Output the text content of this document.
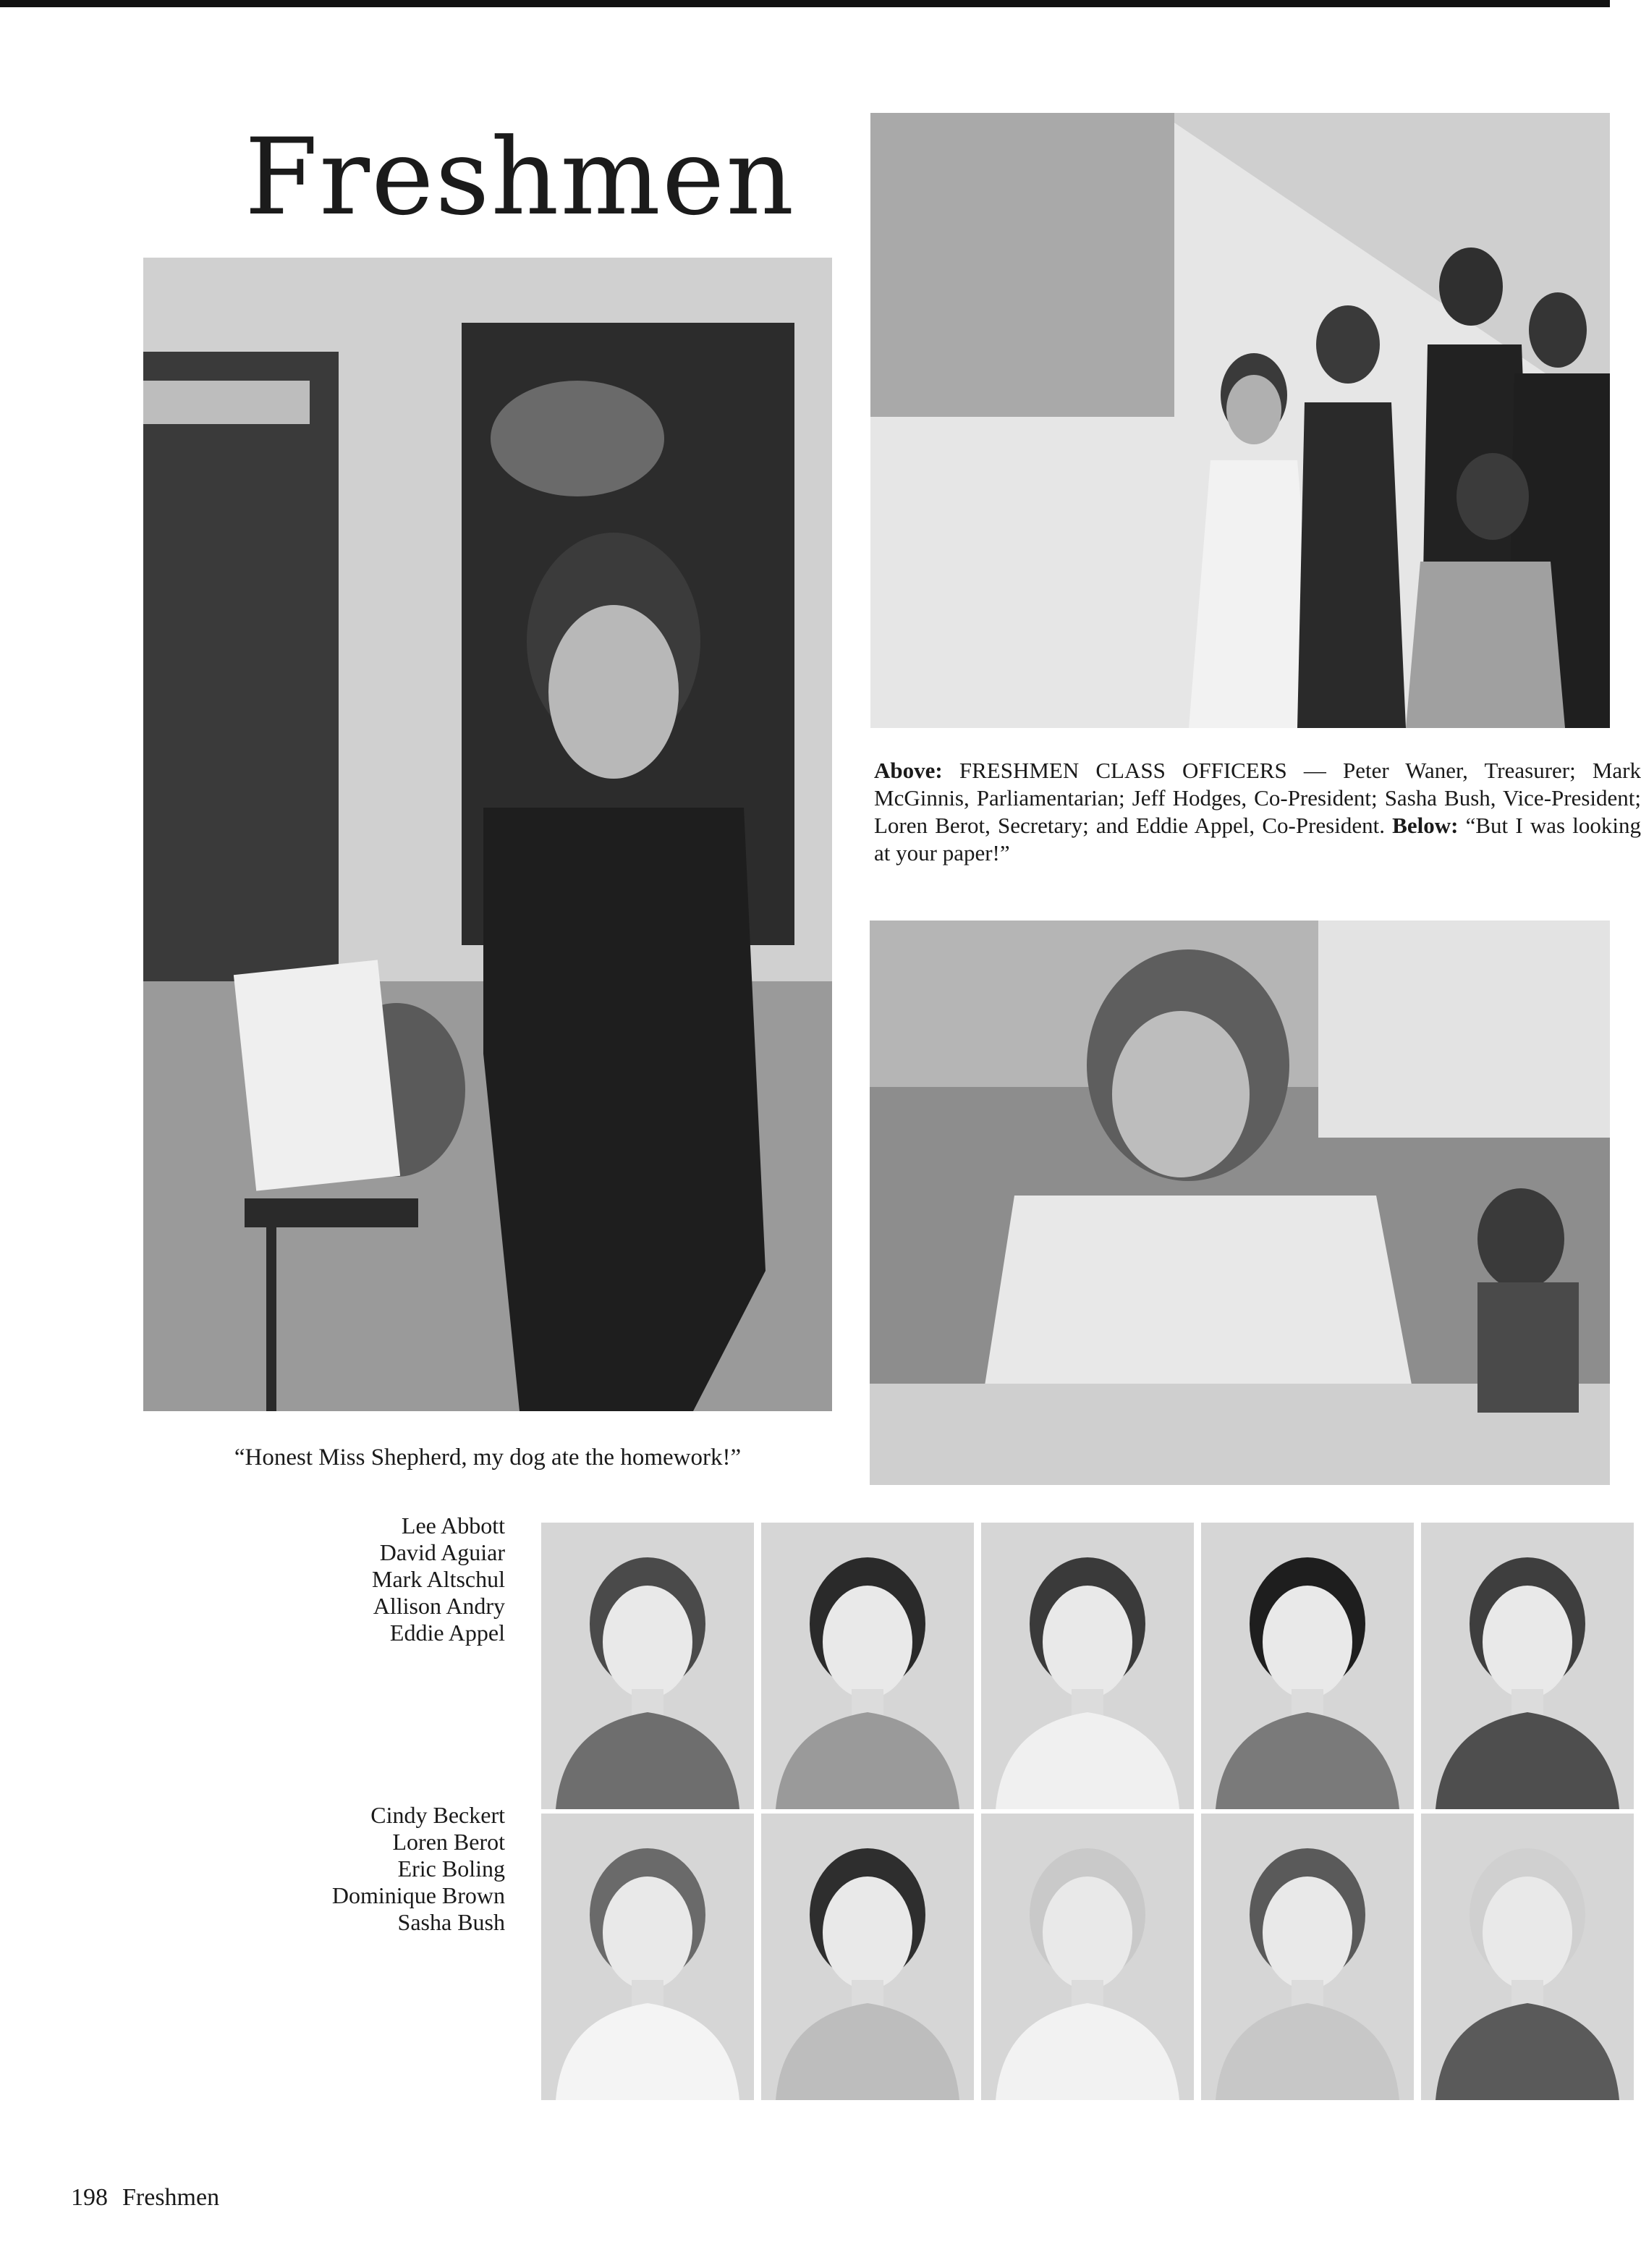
Freshmen

Above: FRESHMEN CLASS OFFICERS — Peter Waner, Treasurer; Mark McGinnis, Parliamentarian; Jeff Hodges, Co-President; Sasha Bush, Vice-President; Loren Berot, Secretary; and Eddie Appel, Co-President. Below: “But I was looking at your paper!”

“Honest Miss Shepherd, my dog ate the homework!”

Lee Abbott
David Aguiar
Mark Altschul
Allison Andry
Eddie Appel
Cindy Beckert
Loren Berot
Eric Boling
Dominique Brown
Sasha Bush
198 Freshmen
